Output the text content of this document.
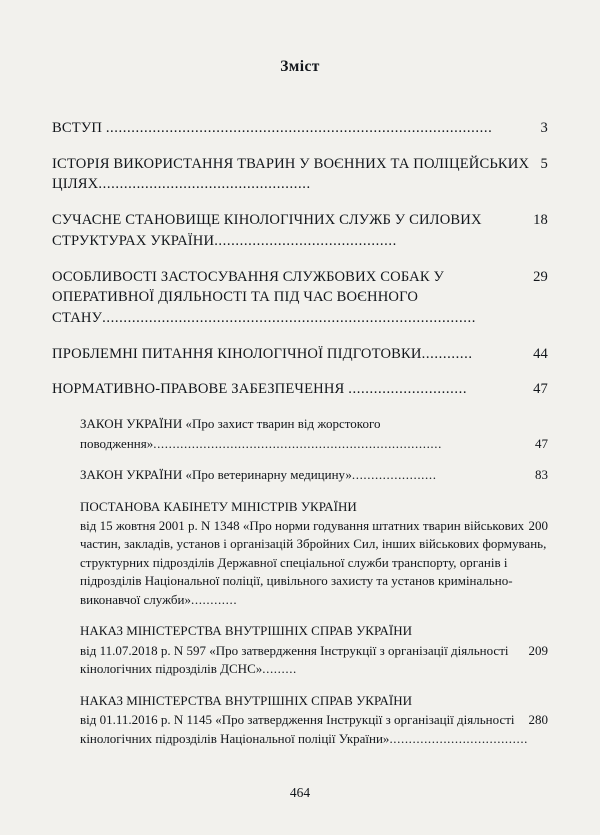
Зміст
3
ВСТУП ...........................................................................................
5
ІСТОРІЯ ВИКОРИСТАННЯ ТВАРИН У ВОЄННИХ ТА ПОЛІЦЕЙСЬКИХ ЦІЛЯХ..................................................
18
СУЧАСНЕ СТАНОВИЩЕ КІНОЛОГІЧНИХ СЛУЖБ У СИЛОВИХ СТРУКТУРАХ УКРАЇНИ...........................................
29
ОСОБЛИВОСТІ ЗАСТОСУВАННЯ СЛУЖБОВИХ СОБАК У ОПЕРАТИВНОЇ ДІЯЛЬНОСТІ ТА ПІД ЧАС ВОЄННОГО СТАНУ........................................................................................
44
ПРОБЛЕМНІ ПИТАННЯ КІНОЛОГІЧНОЇ ПІДГОТОВКИ............
47
НОРМАТИВНО-ПРАВОВЕ ЗАБЕЗПЕЧЕННЯ ............................
ЗАКОН УКРАЇНИ «Про захист тварин від жорстокого
47
поводження»...........................................................................
83
ЗАКОН УКРАЇНИ «Про ветеринарну медицину»......................
ПОСТАНОВА КАБІНЕТУ МІНІСТРІВ УКРАЇНИ
200
від 15 жовтня 2001 р. N 1348 «Про норми годування штатних тварин військових частин, закладів, установ і організацій Збройних Сил, інших військових формувань, структурних підрозділів Державної спеціальної служби транспорту, органів і підрозділів Національної поліції, цивільного захисту та установ кримінально-виконавчої служби»............
НАКАЗ МІНІСТЕРСТВА ВНУТРІШНІХ СПРАВ УКРАЇНИ
209
від 11.07.2018 р. N 597 «Про затвердження Інструкції з організації діяльності кінологічних підрозділів ДСНС».........
НАКАЗ МІНІСТЕРСТВА ВНУТРІШНІХ СПРАВ УКРАЇНИ
280
від 01.11.2016 р. N 1145 «Про затвердження Інструкції з організації діяльності кінологічних підрозділів Національної поліції України»....................................
464
